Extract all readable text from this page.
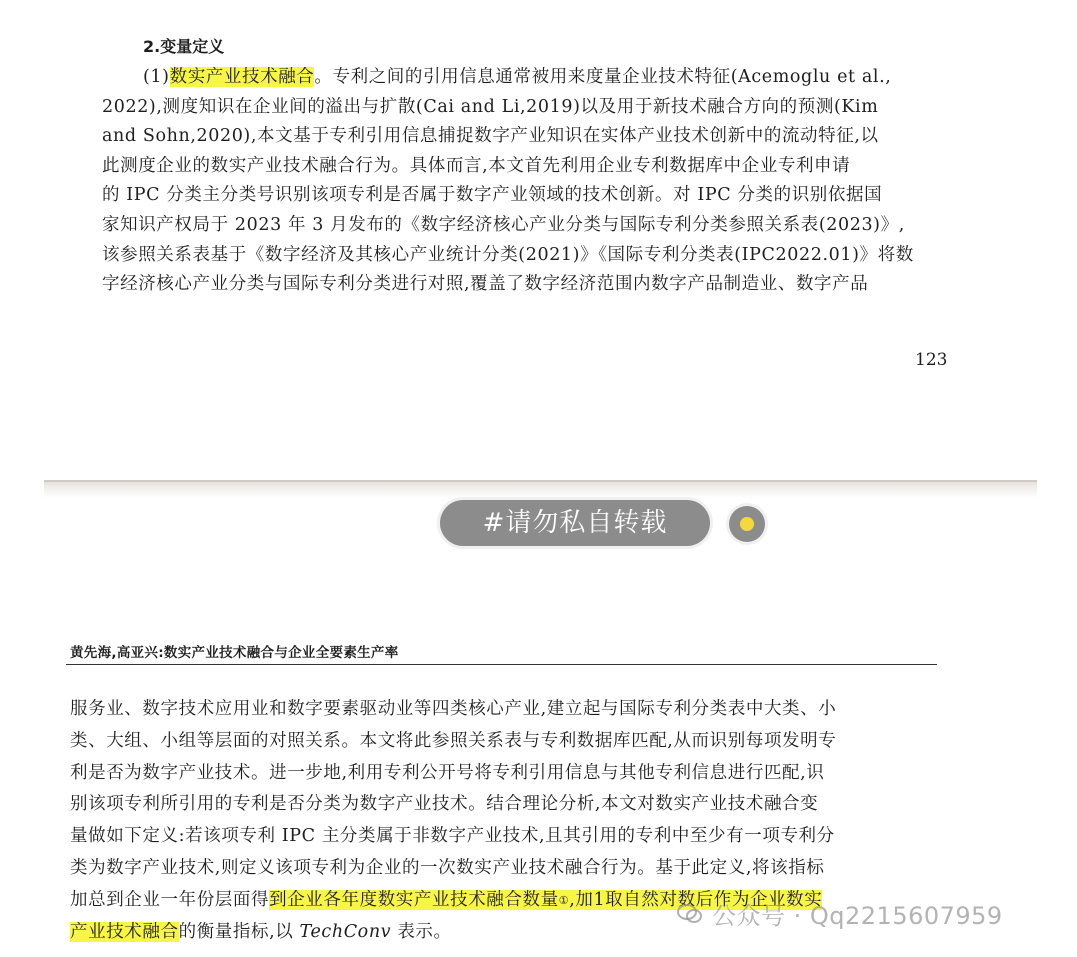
2.变量定义
(1)数实产业技术融合。专利之间的引用信息通常被用来度量企业技术特征(Acemoglu et al.,
2022),测度知识在企业间的溢出与扩散(Cai and Li,2019)以及用于新技术融合方向的预测(Kim
and Sohn,2020),本文基于专利引用信息捕捉数字产业知识在实体产业技术创新中的流动特征,以
此测度企业的数实产业技术融合行为。具体而言,本文首先利用企业专利数据库中企业专利申请
的 IPC 分类主分类号识别该项专利是否属于数字产业领域的技术创新。对 IPC 分类的识别依据国
家知识产权局于 2023 年 3 月发布的《数字经济核心产业分类与国际专利分类参照关系表(2023)》,
该参照关系表基于《数字经济及其核心产业统计分类(2021)》《国际专利分类表(IPC2022.01)》将数
字经济核心产业分类与国际专利分类进行对照,覆盖了数字经济范围内数字产品制造业、数字产品
123
#请勿私自转载
黄先海,高亚兴:数实产业技术融合与企业全要素生产率
服务业、数字技术应用业和数字要素驱动业等四类核心产业,建立起与国际专利分类表中大类、小
类、大组、小组等层面的对照关系。本文将此参照关系表与专利数据库匹配,从而识别每项发明专
利是否为数字产业技术。进一步地,利用专利公开号将专利引用信息与其他专利信息进行匹配,识
别该项专利所引用的专利是否分类为数字产业技术。结合理论分析,本文对数实产业技术融合变
量做如下定义:若该项专利 IPC 主分类属于非数字产业技术,且其引用的专利中至少有一项专利分
类为数字产业技术,则定义该项专利为企业的一次数实产业技术融合行为。基于此定义,将该指标
加总到企业一年份层面得到企业各年度数实产业技术融合数量①,加1取自然对数后作为企业数实
产业技术融合的衡量指标,以 TechConv 表示。
公众号 · Qq2215607959
